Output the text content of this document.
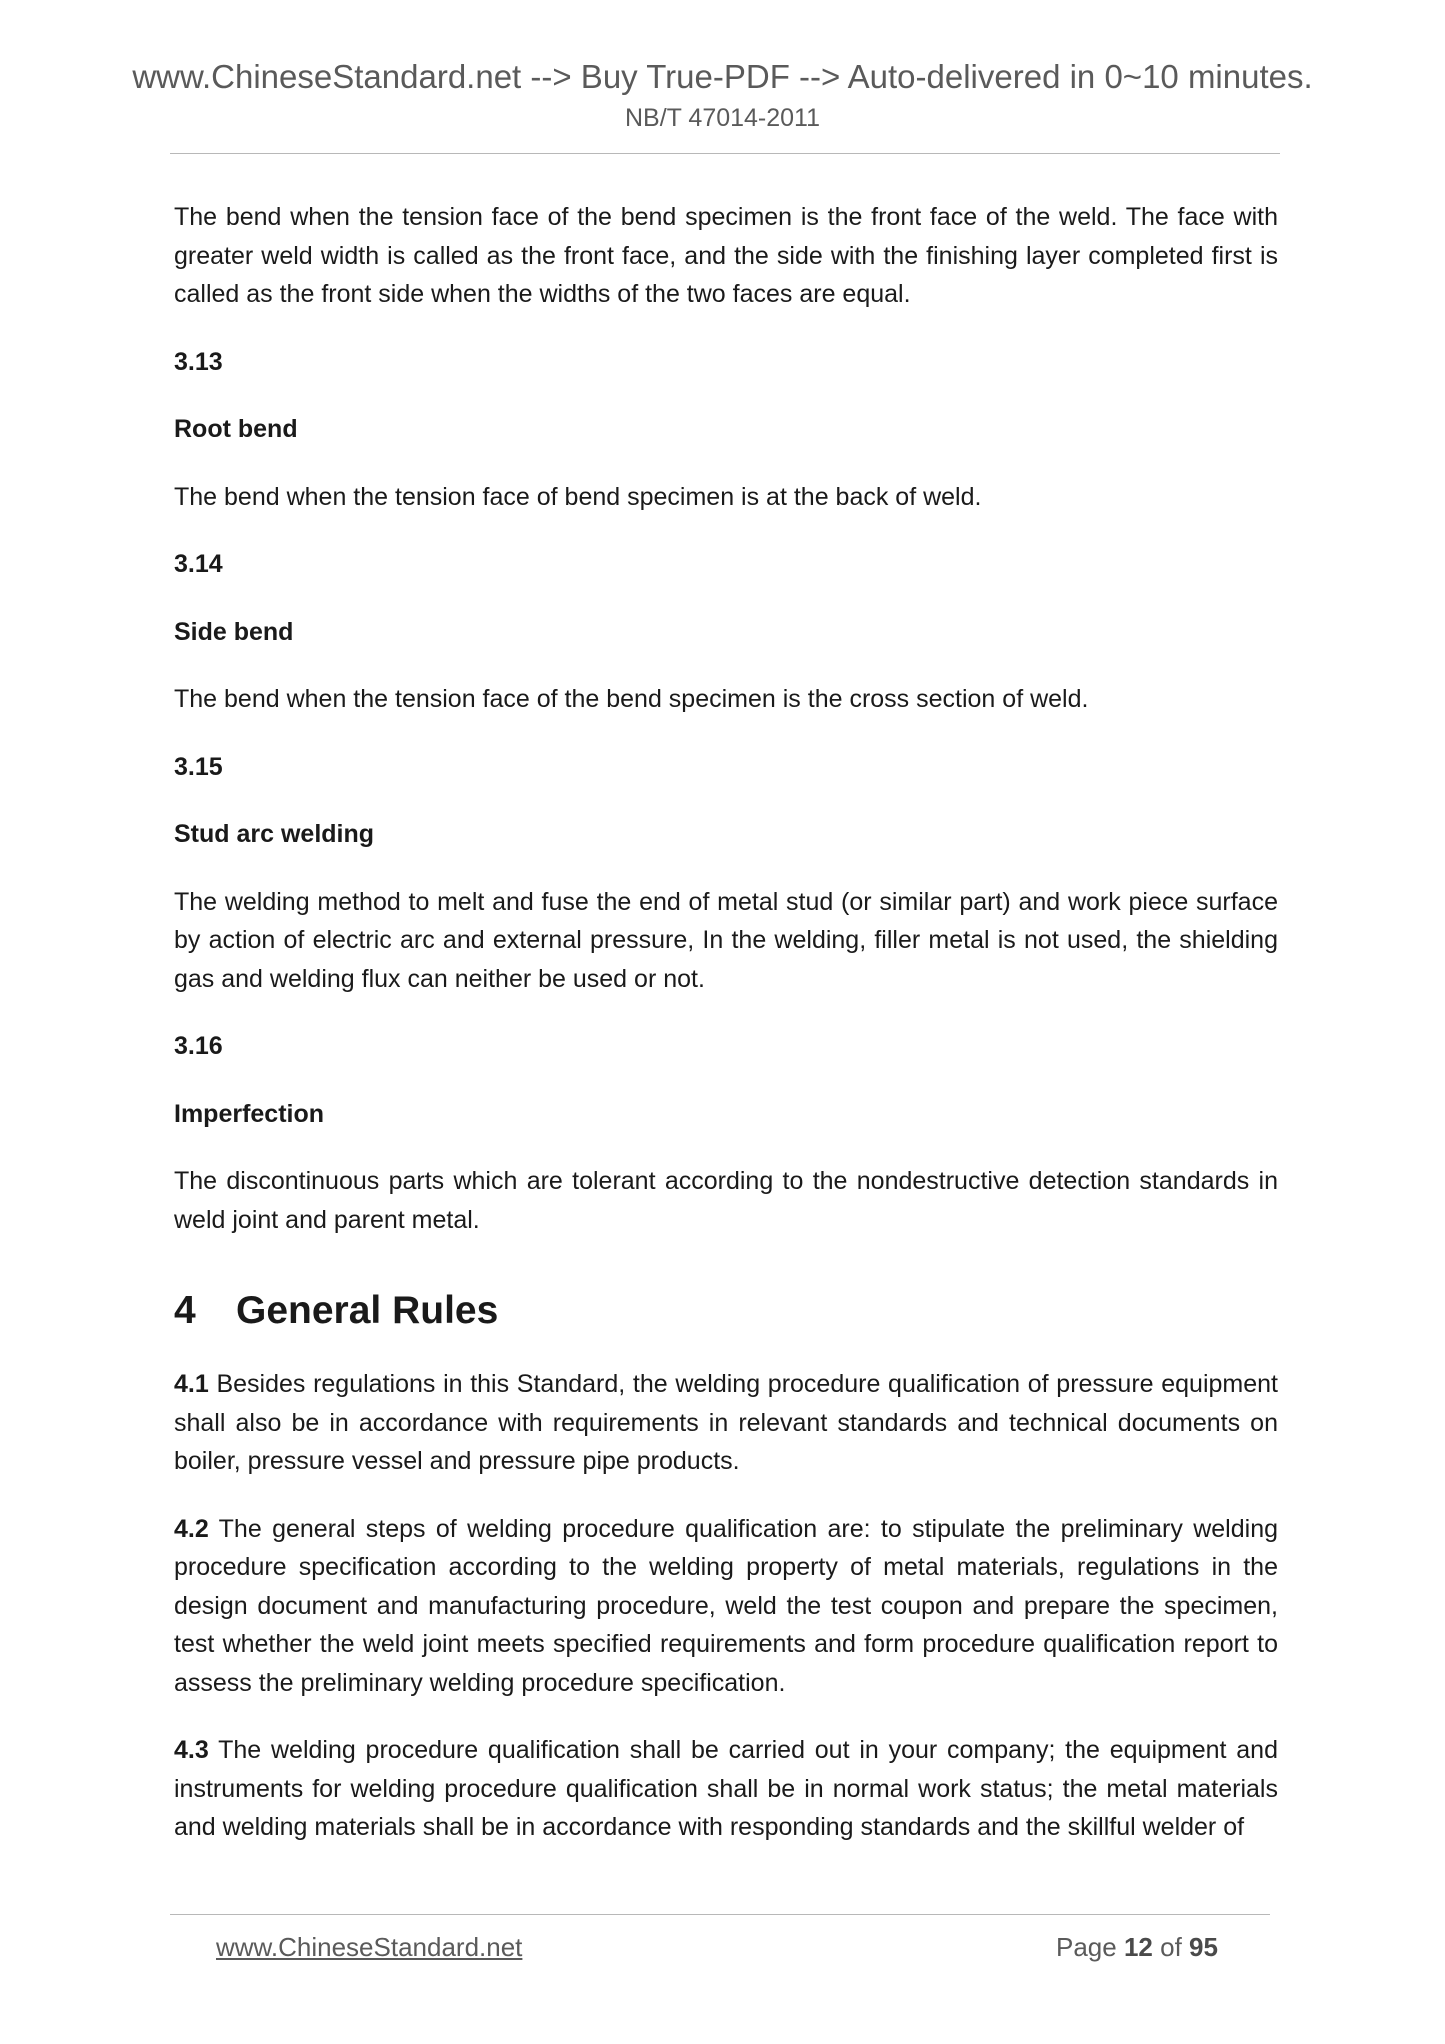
www.ChineseStandard.net --> Buy True-PDF --> Auto-delivered in 0~10 minutes.
NB/T 47014-2011

The bend when the tension face of the bend specimen is the front face of the weld. The face with greater weld width is called as the front face, and the side with the finishing layer completed first is called as the front side when the widths of the two faces are equal.

3.13

Root bend

The bend when the tension face of bend specimen is at the back of weld.

3.14

Side bend

The bend when the tension face of the bend specimen is the cross section of weld.

3.15

Stud arc welding

The welding method to melt and fuse the end of metal stud (or similar part) and work piece surface by action of electric arc and external pressure, In the welding, filler metal is not used, the shielding gas and welding flux can neither be used or not.

3.16

Imperfection

The discontinuous parts which are tolerant according to the nondestructive detection standards in weld joint and parent metal.

4 General Rules

4.1 Besides regulations in this Standard, the welding procedure qualification of pressure equipment shall also be in accordance with requirements in relevant standards and technical documents on boiler, pressure vessel and pressure pipe products.

4.2 The general steps of welding procedure qualification are: to stipulate the preliminary welding procedure specification according to the welding property of metal materials, regulations in the design document and manufacturing procedure, weld the test coupon and prepare the specimen, test whether the weld joint meets specified requirements and form procedure qualification report to assess the preliminary welding procedure specification.

4.3 The welding procedure qualification shall be carried out in your company; the equipment and instruments for welding procedure qualification shall be in normal work status; the metal materials and welding materials shall be in accordance with responding standards and the skillful welder of

www.ChineseStandard.net	Page 12 of 95
